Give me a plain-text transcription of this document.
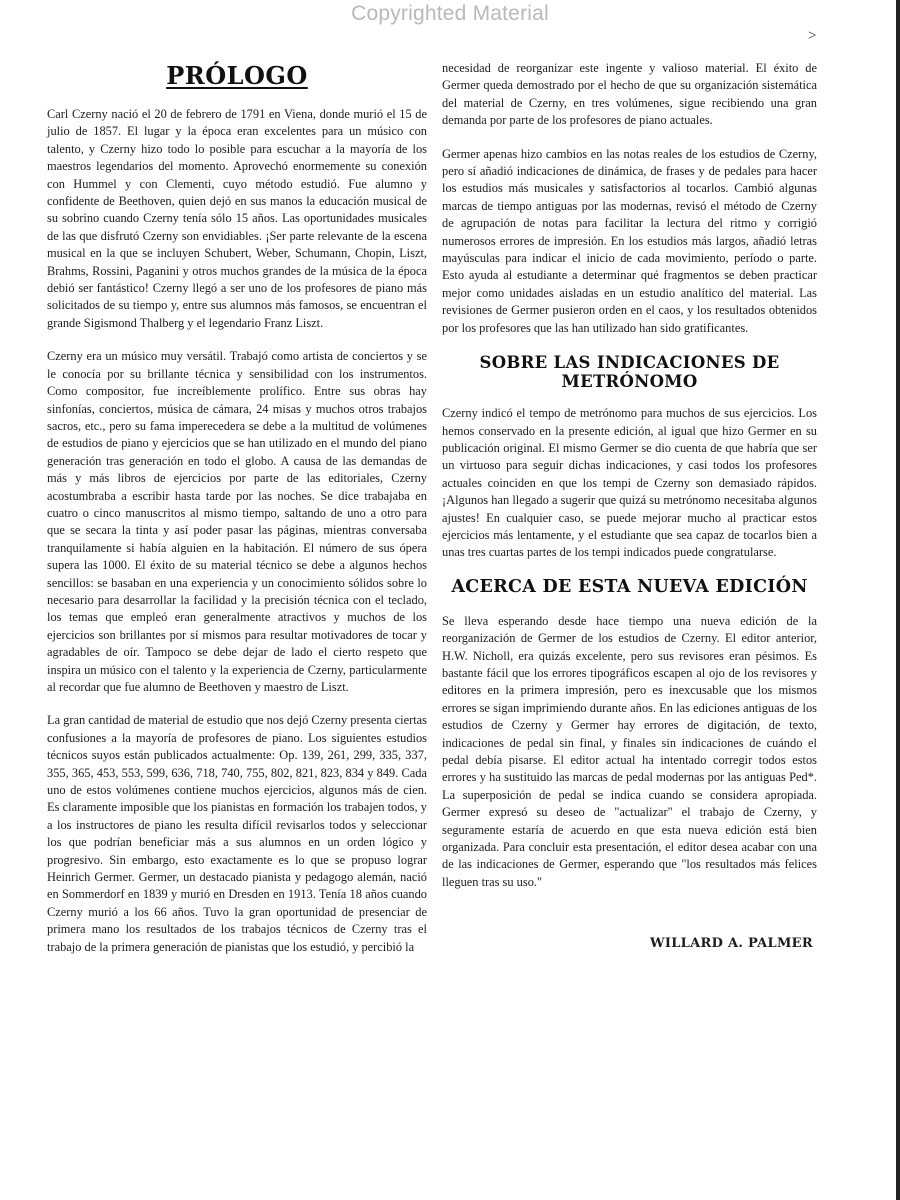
Copyrighted Material
>
PRÓLOGO

Carl Czerny nació el 20 de febrero de 1791 en Viena, donde murió el 15 de julio de 1857. El lugar y la época eran excelentes para un músico con talento, y Czerny hizo todo lo posible para escuchar a la mayoría de los maestros legendarios del momento. Aprovechó enormemente su conexión con Hummel y con Clementi, cuyo método estudió. Fue alumno y confidente de Beethoven, quien dejó en sus manos la educación musical de su sobrino cuando Czerny tenía sólo 15 años. Las oportunidades musicales de las que disfrutó Czerny son envidiables. ¡Ser parte relevante de la escena musical en la que se incluyen Schubert, Weber, Schumann, Chopin, Liszt, Brahms, Rossini, Paganini y otros muchos grandes de la música de la época debió ser fantástico! Czerny llegó a ser uno de los profesores de piano más solicitados de su tiempo y, entre sus alumnos más famosos, se encuentran el grande Sigismond Thalberg y el legendario Franz Liszt.

Czerny era un músico muy versátil. Trabajó como artista de conciertos y se le conocía por su brillante técnica y sensibilidad con los instrumentos. Como compositor, fue increíblemente prolífico. Entre sus obras hay sinfonías, conciertos, música de cámara, 24 misas y muchos otros trabajos sacros, etc., pero su fama imperecedera se debe a la multitud de volúmenes de estudios de piano y ejercicios que se han utilizado en el mundo del piano generación tras generación en todo el globo. A causa de las demandas de más y más libros de ejercicios por parte de las editoriales, Czerny acostumbraba a escribir hasta tarde por las noches. Se dice trabajaba en cuatro o cinco manuscritos al mismo tiempo, saltando de uno a otro para que se secara la tinta y así poder pasar las páginas, mientras conversaba tranquilamente si había alguien en la habitación. El número de sus ópera supera las 1000. El éxito de su material técnico se debe a algunos hechos sencillos: se basaban en una experiencia y un conocimiento sólidos sobre lo necesario para desarrollar la facilidad y la precisión técnica con el teclado, los temas que empleó eran generalmente atractivos y muchos de los ejercicios son brillantes por sí mismos para resultar motivadores de tocar y agradables de oír. Tampoco se debe dejar de lado el cierto respeto que inspira un músico con el talento y la experiencia de Czerny, particularmente al recordar que fue alumno de Beethoven y maestro de Liszt.

La gran cantidad de material de estudio que nos dejó Czerny presenta ciertas confusiones a la mayoría de profesores de piano. Los siguientes estudios técnicos suyos están publicados actualmente: Op. 139, 261, 299, 335, 337, 355, 365, 453, 553, 599, 636, 718, 740, 755, 802, 821, 823, 834 y 849. Cada uno de estos volúmenes contiene muchos ejercicios, algunos más de cien. Es claramente imposible que los pianistas en formación los trabajen todos, y a los instructores de piano les resulta difícil revisarlos todos y seleccionar los que podrían beneficiar más a sus alumnos en un orden lógico y progresivo. Sin embargo, esto exactamente es lo que se propuso lograr Heinrich Germer. Germer, un destacado pianista y pedagogo alemán, nació en Sommerdorf en 1839 y murió en Dresden en 1913. Tenía 18 años cuando Czerny murió a los 66 años. Tuvo la gran oportunidad de presenciar de primera mano los resultados de los trabajos técnicos de Czerny tras el trabajo de la primera generación de pianistas que los estudió, y percibió la

necesidad de reorganizar este ingente y valioso material. El éxito de Germer queda demostrado por el hecho de que su organización sistemática del material de Czerny, en tres volúmenes, sigue recibiendo una gran demanda por parte de los profesores de piano actuales.

Germer apenas hizo cambios en las notas reales de los estudios de Czerny, pero sí añadió indicaciones de dinámica, de frases y de pedales para hacer los estudios más musicales y satisfactorios al tocarlos. Cambió algunas marcas de tiempo antiguas por las modernas, revisó el método de Czerny de agrupación de notas para facilitar la lectura del ritmo y corrigió numerosos errores de impresión. En los estudios más largos, añadió letras mayúsculas para indicar el inicio de cada movimiento, período o parte. Esto ayuda al estudiante a determinar qué fragmentos se deben practicar mejor como unidades aisladas en un estudio analítico del material. Las revisiones de Germer pusieron orden en el caos, y los resultados obtenidos por los profesores que las han utilizado han sido gratificantes.

SOBRE LAS INDICACIONES DE METRÓNOMO

Czerny indicó el tempo de metrónomo para muchos de sus ejercicios. Los hemos conservado en la presente edición, al igual que hizo Germer en su publicación original. El mismo Germer se dio cuenta de que habría que ser un virtuoso para seguir dichas indicaciones, y casi todos los profesores actuales coinciden en que los tempi de Czerny son demasiado rápidos. ¡Algunos han llegado a sugerir que quizá su metrónomo necesitaba algunos ajustes! En cualquier caso, se puede mejorar mucho al practicar estos ejercicios más lentamente, y el estudiante que sea capaz de tocarlos bien a unas tres cuartas partes de los tempi indicados puede congratularse.

ACERCA DE ESTA NUEVA EDICIÓN

Se lleva esperando desde hace tiempo una nueva edición de la reorganización de Germer de los estudios de Czerny. El editor anterior, H.W. Nicholl, era quizás excelente, pero sus revisores eran pésimos. Es bastante fácil que los errores tipográficos escapen al ojo de los revisores y editores en la primera impresión, pero es inexcusable que los mismos errores se sigan imprimiendo durante años. En las ediciones antiguas de los estudios de Czerny y Germer hay errores de digitación, de texto, indicaciones de pedal sin final, y finales sin indicaciones de cuándo el pedal debía pisarse. El editor actual ha intentado corregir todos estos errores y ha sustituido las marcas de pedal modernas por las antiguas Ped*. La superposición de pedal se indica cuando se considera apropiada. Germer expresó su deseo de "actualizar" el trabajo de Czerny, y seguramente estaría de acuerdo en que esta nueva edición está bien organizada. Para concluir esta presentación, el editor desea acabar con una de las indicaciones de Germer, esperando que "los resultados más felices lleguen tras su uso."

WILLARD A. PALMER
